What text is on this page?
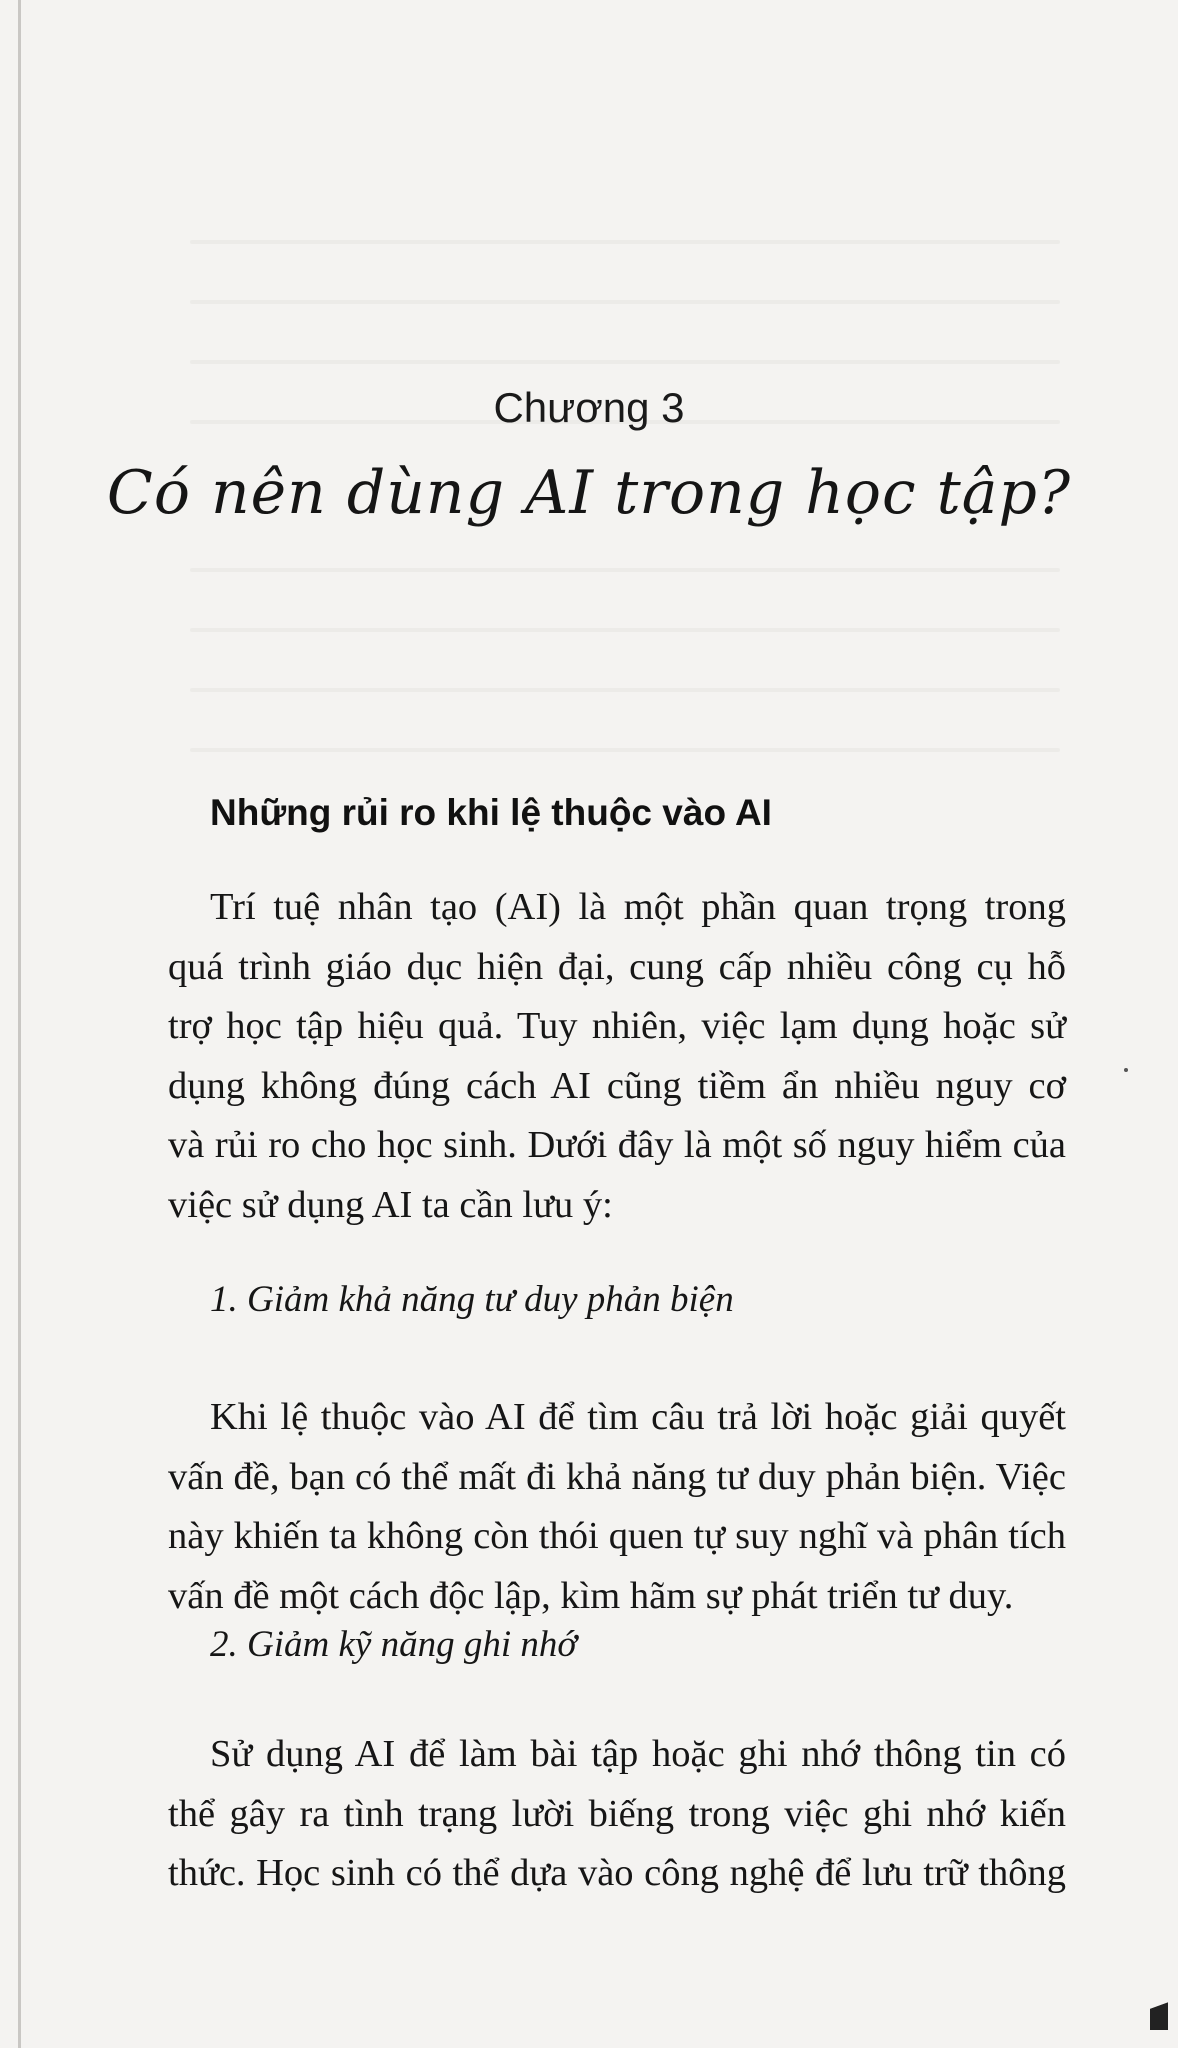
Chương 3
Có nên dùng AI trong học tập?
Những rủi ro khi lệ thuộc vào AI
Trí tuệ nhân tạo (AI) là một phần quan trọng trong
quá trình giáo dục hiện đại, cung cấp nhiều công cụ hỗ
trợ học tập hiệu quả. Tuy nhiên, việc lạm dụng hoặc sử
dụng không đúng cách AI cũng tiềm ẩn nhiều nguy cơ
và rủi ro cho học sinh. Dưới đây là một số nguy hiểm của
việc sử dụng AI ta cần lưu ý:
1. Giảm khả năng tư duy phản biện
Khi lệ thuộc vào AI để tìm câu trả lời hoặc giải quyết
vấn đề, bạn có thể mất đi khả năng tư duy phản biện. Việc
này khiến ta không còn thói quen tự suy nghĩ và phân tích
vấn đề một cách độc lập, kìm hãm sự phát triển tư duy.
2. Giảm kỹ năng ghi nhớ
Sử dụng AI để làm bài tập hoặc ghi nhớ thông tin có
thể gây ra tình trạng lười biếng trong việc ghi nhớ kiến
thức. Học sinh có thể dựa vào công nghệ để lưu trữ thông
